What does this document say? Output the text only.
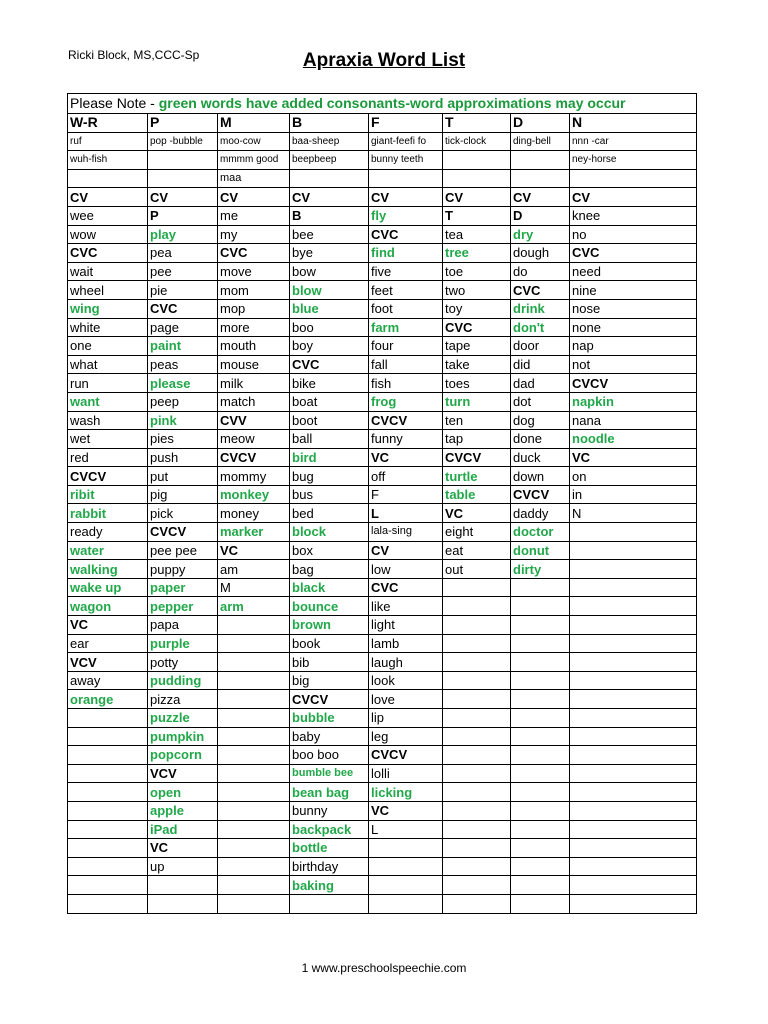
Ricki Block, MS,CCC-Sp	Apraxia Word List
Please Note - green words have added consonants-word approximations may occur							
W-R	P	M	B	F	T	D	N
ruf	pop -bubble	moo-cow	baa-sheep	giant-feefi fo	tick-clock	ding-bell	nnn -car
wuh-fish		mmmm good	beepbeep	bunny teeth			ney-horse
		maa					
CV	CV	CV	CV	CV	CV	CV	CV
wee	P	me	B	fly	T	D	knee
wow	play	my	bee	CVC	tea	dry	no
CVC	pea	CVC	bye	find	tree	dough	CVC
wait	pee	move	bow	five	toe	do	need
wheel	pie	mom	blow	feet	two	CVC	nine
wing	CVC	mop	blue	foot	toy	drink	nose
white	page	more	boo	farm	CVC	don't	none
one	paint	mouth	boy	four	tape	door	nap
what	peas	mouse	CVC	fall	take	did	not
run	please	milk	bike	fish	toes	dad	CVCV
want	peep	match	boat	frog	turn	dot	napkin
wash	pink	CVV	boot	CVCV	ten	dog	nana
wet	pies	meow	ball	funny	tap	done	noodle
red	push	CVCV	bird	VC	CVCV	duck	VC
CVCV	put	mommy	bug	off	turtle	down	on
ribit	pig	monkey	bus	F	table	CVCV	in
rabbit	pick	money	bed	L	VC	daddy	N
ready	CVCV	marker	block	lala-sing	eight	doctor	
water	pee pee	VC	box	CV	eat	donut	
walking	puppy	am	bag	low	out	dirty	
wake up	paper	M	black	CVC			
wagon	pepper	arm	bounce	like			
VC	papa		brown	light			
ear	purple		book	lamb			
VCV	potty		bib	laugh			
away	pudding		big	look			
orange	pizza		CVCV	love			
	puzzle		bubble	lip			
	pumpkin		baby	leg			
	popcorn		boo boo	CVCV			
	VCV		bumble bee	lolli			
	open		bean bag	licking			
	apple		bunny	VC			
	iPad		backpack	L			
	VC		bottle				
	up		birthday				
			baking				

1 www.preschoolspeechie.com
